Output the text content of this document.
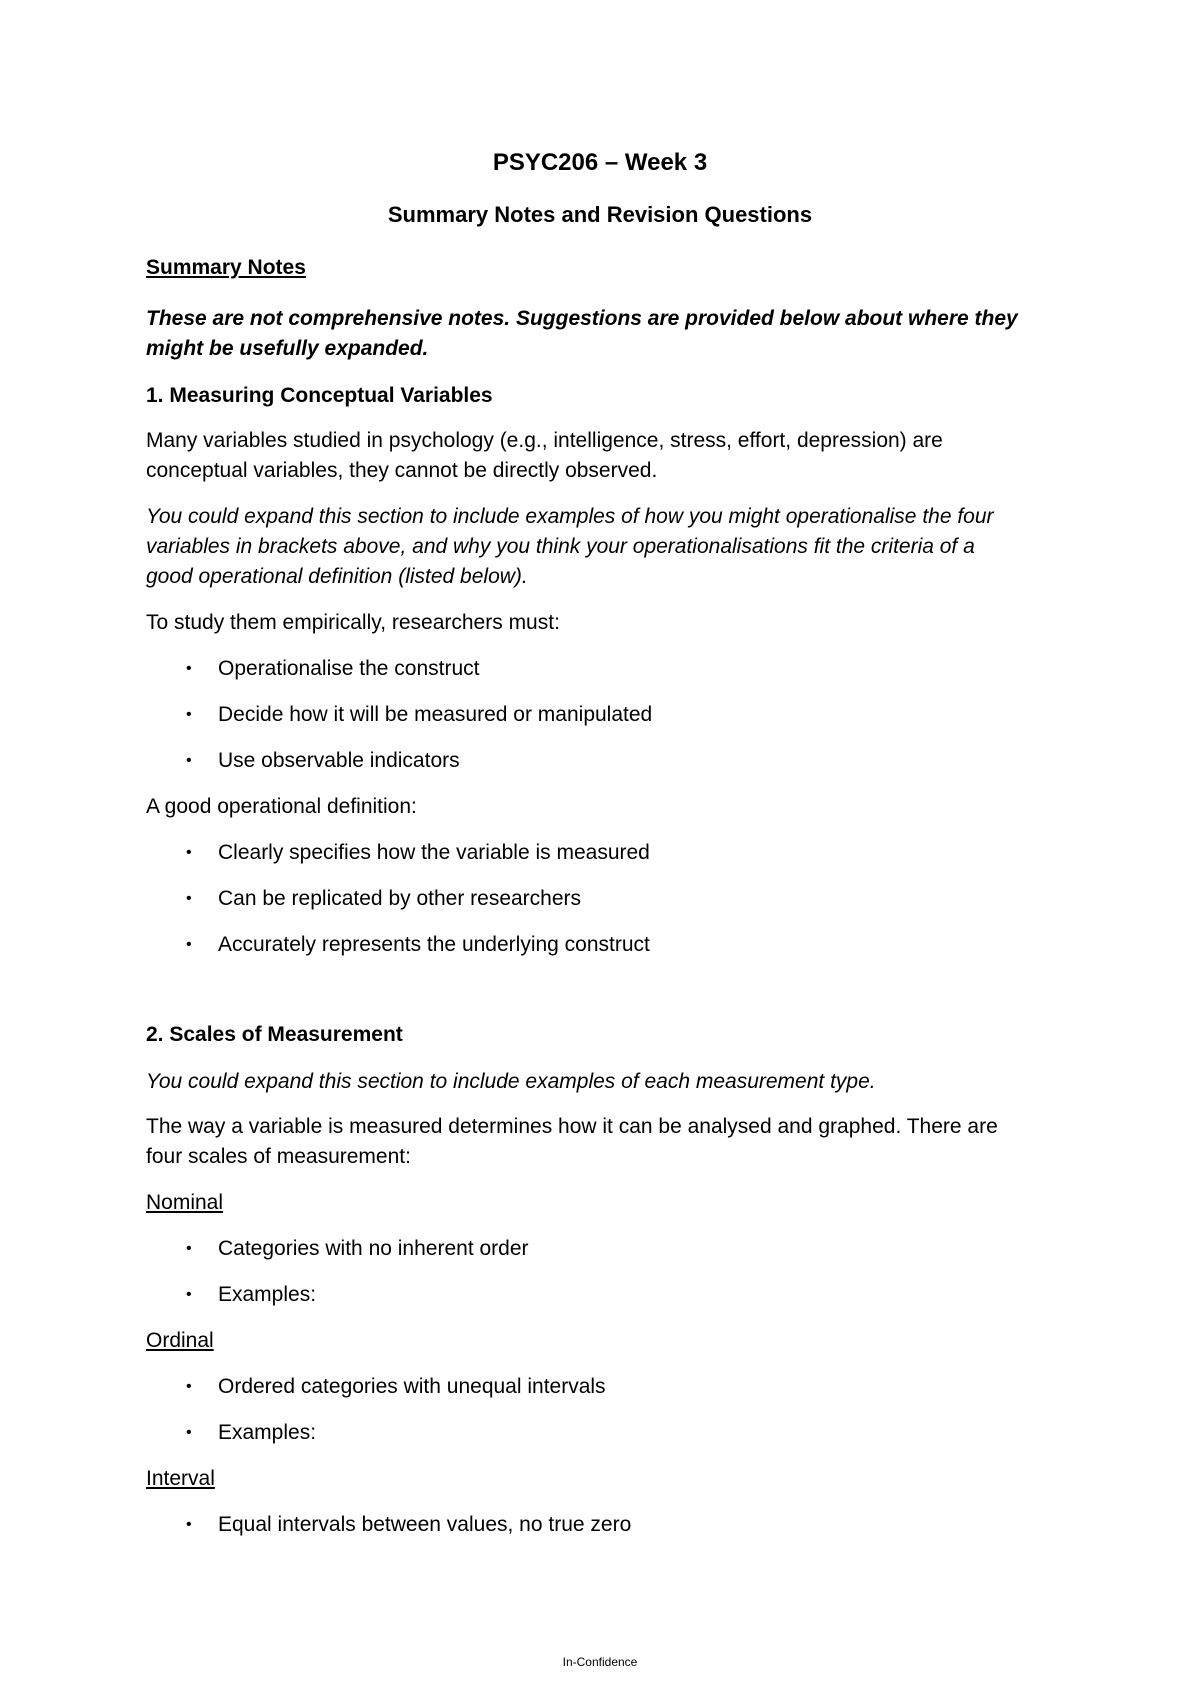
PSYC206 – Week 3
Summary Notes and Revision Questions
Summary Notes
These are not comprehensive notes. Suggestions are provided below about where they
might be usefully expanded.
1. Measuring Conceptual Variables
Many variables studied in psychology (e.g., intelligence, stress, effort, depression) are
conceptual variables, they cannot be directly observed.
You could expand this section to include examples of how you might operationalise the four
variables in brackets above, and why you think your operationalisations fit the criteria of a
good operational definition (listed below).
To study them empirically, researchers must:
• Operationalise the construct
• Decide how it will be measured or manipulated
• Use observable indicators
A good operational definition:
• Clearly specifies how the variable is measured
• Can be replicated by other researchers
• Accurately represents the underlying construct
2. Scales of Measurement
You could expand this section to include examples of each measurement type.
The way a variable is measured determines how it can be analysed and graphed. There are
four scales of measurement:
Nominal
• Categories with no inherent order
• Examples:
Ordinal
• Ordered categories with unequal intervals
• Examples:
Interval
• Equal intervals between values, no true zero
In-Confidence
